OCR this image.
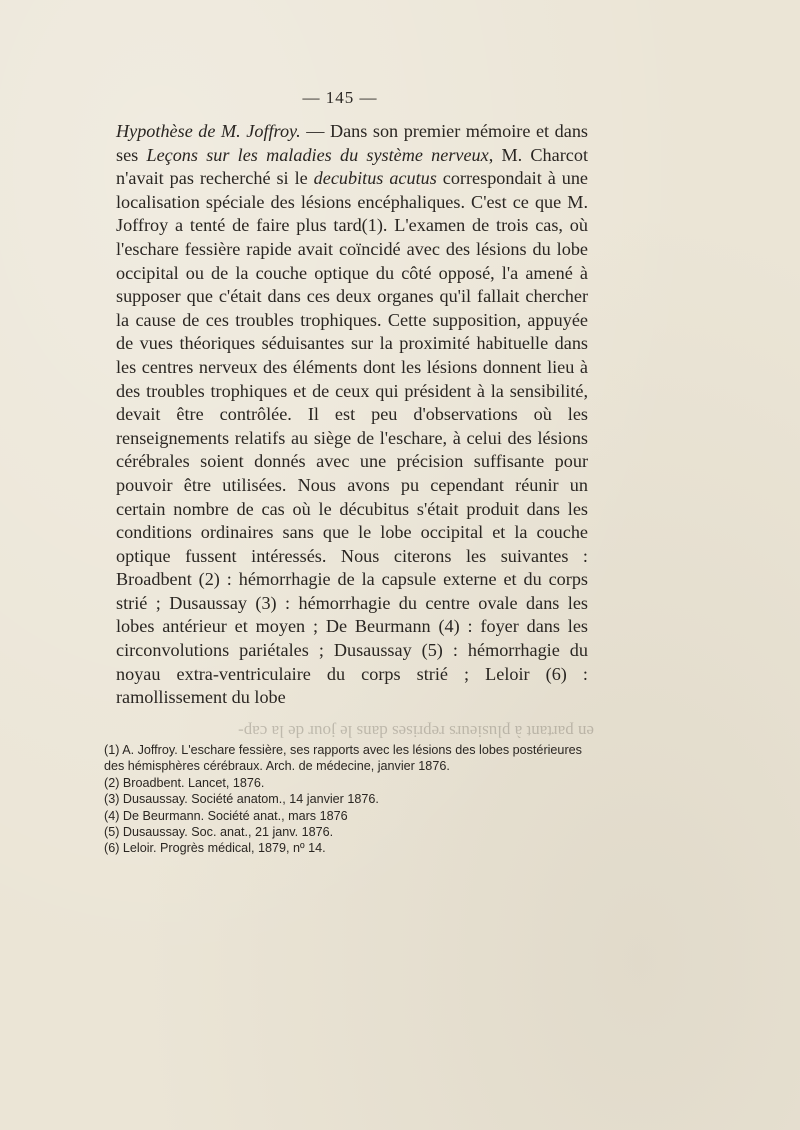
— 145 —

Hypothèse de M. Joffroy. — Dans son premier mémoire et dans ses Leçons sur les maladies du système nerveux, M. Charcot n'avait pas recherché si le decubitus acutus correspondait à une localisation spéciale des lésions encéphaliques. C'est ce que M. Joffroy a tenté de faire plus tard(1). L'examen de trois cas, où l'eschare fessière rapide avait coïncidé avec des lésions du lobe occipital ou de la couche optique du côté opposé, l'a amené à supposer que c'était dans ces deux organes qu'il fallait chercher la cause de ces troubles trophiques. Cette supposition, appuyée de vues théoriques séduisantes sur la proximité habituelle dans les centres nerveux des éléments dont les lésions donnent lieu à des troubles trophiques et de ceux qui président à la sensibilité, devait être contrôlée. Il est peu d'observations où les renseignements relatifs au siège de l'eschare, à celui des lésions cérébrales soient donnés avec une précision suffisante pour pouvoir être utilisées. Nous avons pu cependant réunir un certain nombre de cas où le décubitus s'était produit dans les conditions ordinaires sans que le lobe occipital et la couche optique fussent intéressés. Nous citerons les suivantes : Broadbent (2) : hémorrhagie de la capsule externe et du corps strié ; Dusaussay (3) : hémorrhagie du centre ovale dans les lobes antérieur et moyen ; De Beurmann (4) : foyer dans les circonvolutions pariétales ; Dusaussay (5) : hémorrhagie du noyau extra-ventriculaire du corps strié ; Leloir (6) : ramollissement du lobe

en partant à plusieurs reprises dans le jour de la cap-

(1) A. Joffroy. L'eschare fessière, ses rapports avec les lésions des lobes postérieures des hémisphères cérébraux. Arch. de médecine, janvier 1876.

(2) Broadbent. Lancet, 1876.

(3) Dusaussay. Société anatom., 14 janvier 1876.

(4) De Beurmann. Société anat., mars 1876

(5) Dusaussay. Soc. anat., 21 janv. 1876.

(6) Leloir. Progrès médical, 1879, nº 14.
